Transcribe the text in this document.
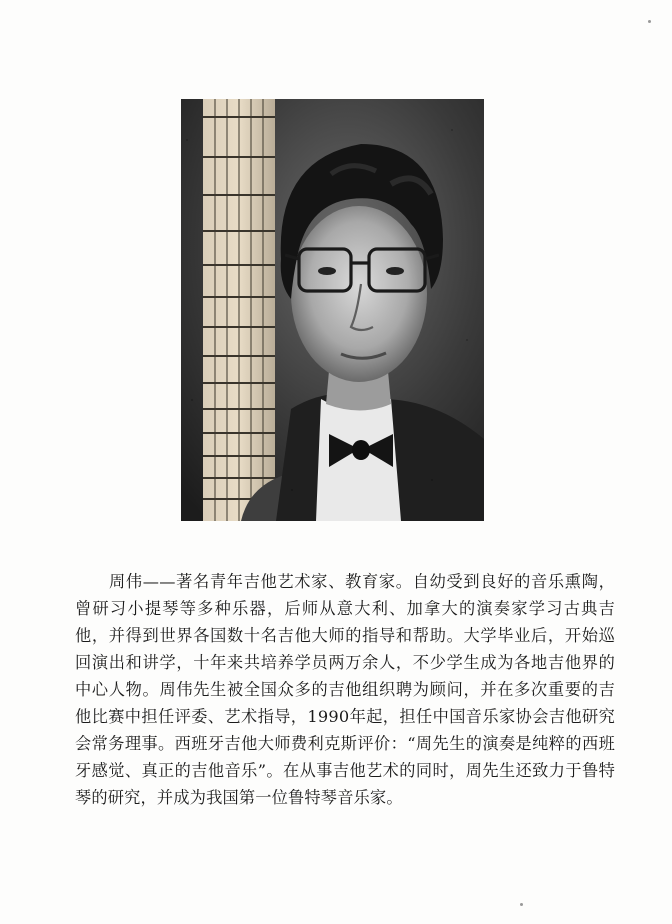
周伟——著名青年吉他艺术家、教育家。自幼受到良好的音乐熏陶，曾研习小提琴等多种乐器，后师从意大利、加拿大的演奏家学习古典吉他，并得到世界各国数十名吉他大师的指导和帮助。大学毕业后，开始巡回演出和讲学，十年来共培养学员两万余人，不少学生成为各地吉他界的中心人物。周伟先生被全国众多的吉他组织聘为顾问，并在多次重要的吉他比赛中担任评委、艺术指导，1990年起，担任中国音乐家协会吉他研究会常务理事。西班牙吉他大师费利克斯评价：“周先生的演奏是纯粹的西班牙感觉、真正的吉他音乐”。在从事吉他艺术的同时，周先生还致力于鲁特琴的研究，并成为我国第一位鲁特琴音乐家。
